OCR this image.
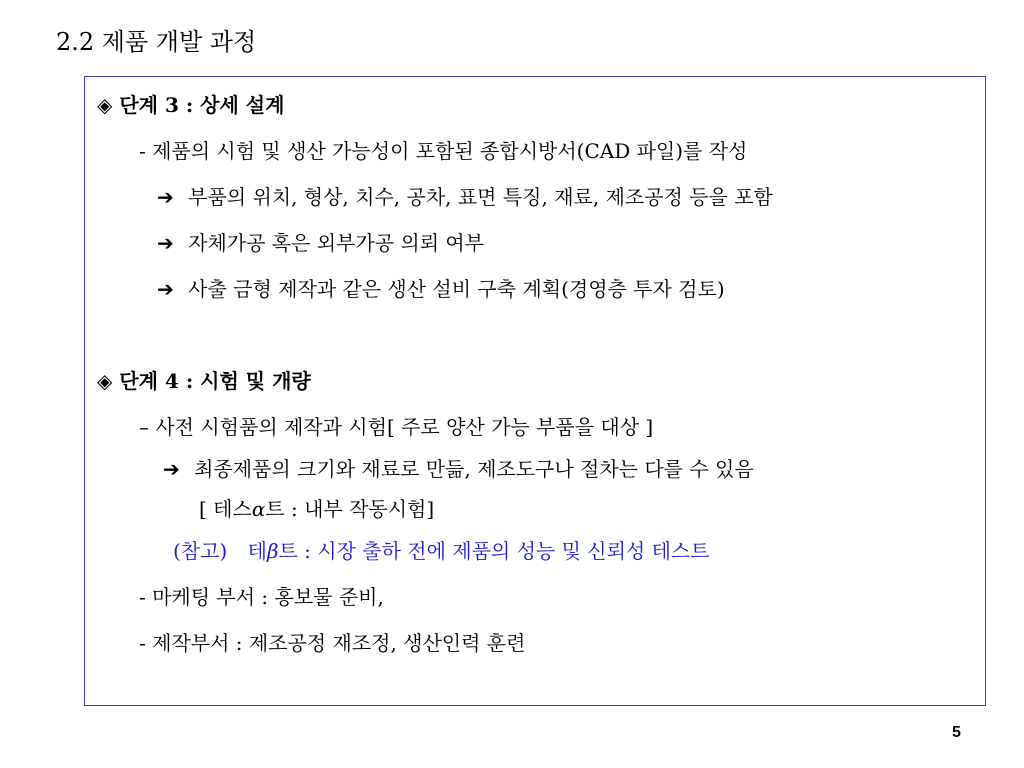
2.2 제품 개발 과정
◈ 단계 3 : 상세 설계
- 제품의 시험 및 생산 가능성이 포함된 종합시방서(CAD 파일)를 작성
➔ 부품의 위치, 형상, 치수, 공차, 표면 특징, 재료, 제조공정 등을 포함
➔ 자체가공 혹은 외부가공 의뢰 여부
➔ 사출 금형 제작과 같은 생산 설비 구축 계획(경영층 투자 검토)
◈ 단계 4 : 시험 및 개량
– 사전 시험품의 제작과 시험[ 주로 양산 가능 부품을 대상 ]
➔ 최종제품의 크기와 재료로 만듦, 제조도구나 절차는 다를 수 있음
[ 테스α트 : 내부 작동시험]
(참고) 테β트 : 시장 출하 전에 제품의 성능 및 신뢰성 테스트
- 마케팅 부서 : 홍보물 준비,
- 제작부서 : 제조공정 재조정, 생산인력 훈련
5
